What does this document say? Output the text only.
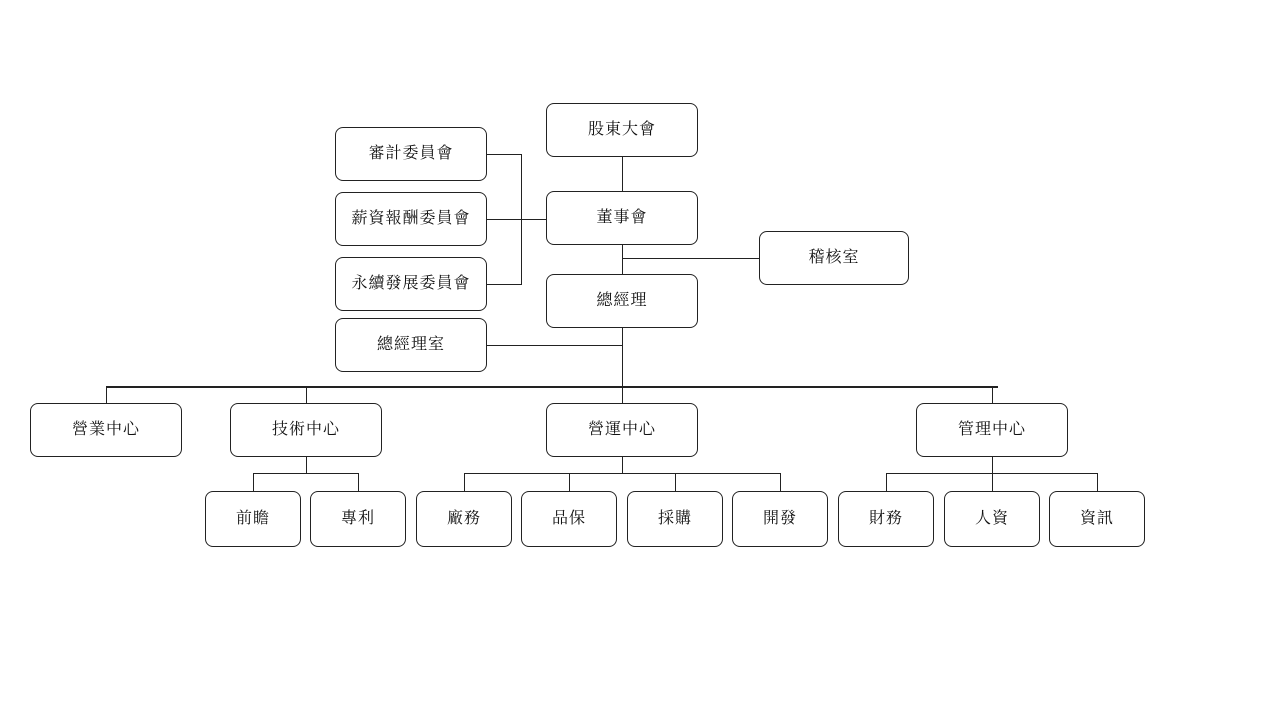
股東大會
董事會
總經理
審計委員會
薪資報酬委員會
永續發展委員會
總經理室
稽核室
營業中心	技術中心	營運中心	管理中心
前瞻	專利	廠務	品保	採購	開發	財務	人資	資訊
